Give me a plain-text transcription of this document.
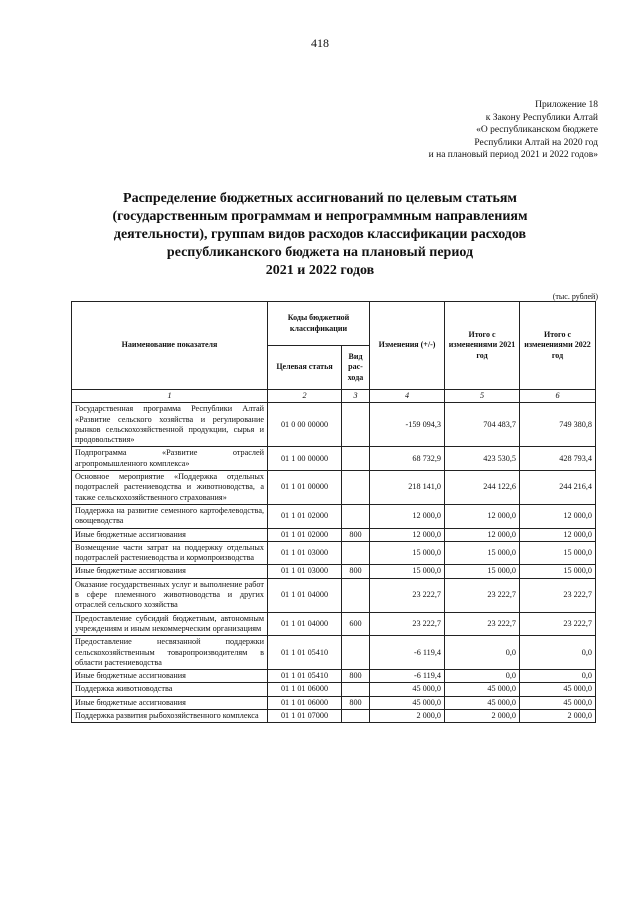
418
Приложение 18
к Закону Республики Алтай
«О республиканском бюджете
Республики Алтай на 2020 год
и на плановый период 2021 и 2022 годов»
Распределение бюджетных ассигнований по целевым статьям
(государственным программам и непрограммным направлениям
деятельности), группам видов расходов классификации расходов
республиканского бюджета на плановый период
2021 и 2022 годов
(тыс. рублей)
Наименование показателя	Коды бюджетной классификации		Изменения (+/-)	Итого с изменениями 2021 год	Итого с изменениями 2022 год
	Целевая статья	Вид рас-хода			
1	2	3	4	5	6
Государственная программа Республики Алтай «Развитие сельского хозяйства и регулирование рынков сельскохозяйственной продукции, сырья и продовольствия»	01 0 00 00000		-159 094,3	704 483,7	749 380,8
Подпрограмма «Развитие отраслей агропромышленного комплекса»	01 1 00 00000		68 732,9	423 530,5	428 793,4
Основное мероприятие «Поддержка отдельных подотраслей растениеводства и животноводства, а также сельскохозяйственного страхования»	01 1 01 00000		218 141,0	244 122,6	244 216,4
Поддержка на развитие семенного картофелеводства, овощеводства	01 1 01 02000		12 000,0	12 000,0	12 000,0
Иные бюджетные ассигнования	01 1 01 02000	800	12 000,0	12 000,0	12 000,0
Возмещение части затрат на поддержку отдельных подотраслей растениеводства и кормопроизводства	01 1 01 03000		15 000,0	15 000,0	15 000,0
Иные бюджетные ассигнования	01 1 01 03000	800	15 000,0	15 000,0	15 000,0
Оказание государственных услуг и выполнение работ в сфере племенного животноводства и других отраслей сельского хозяйства	01 1 01 04000		23 222,7	23 222,7	23 222,7
Предоставление субсидий бюджетным, автономным учреждениям и иным некоммерческим организациям	01 1 01 04000	600	23 222,7	23 222,7	23 222,7
Предоставление несвязанной поддержки сельскохозяйственным товаропроизводителям в области растениеводства	01 1 01 05410		-6 119,4	0,0	0,0
Иные бюджетные ассигнования	01 1 01 05410	800	-6 119,4	0,0	0,0
Поддержка животноводства	01 1 01 06000		45 000,0	45 000,0	45 000,0
Иные бюджетные ассигнования	01 1 01 06000	800	45 000,0	45 000,0	45 000,0
Поддержка развития рыбохозяйственного комплекса	01 1 01 07000		2 000,0	2 000,0	2 000,0
